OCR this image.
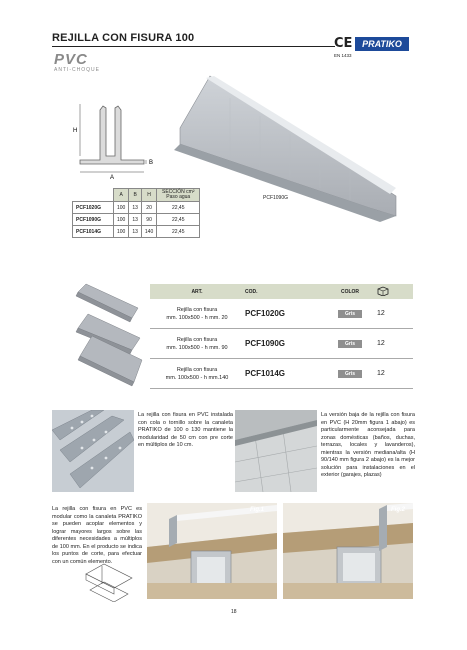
REJILLA CON FISURA 100
PVC
ANTI-CHOQUE
CE
EN 1433
PRATIKO
H
B
A
PCF1090G
	A	B	H	SECCIÓN cm² Paso agua
PCF1020G	100	13	20	22,45
PCF1090G	100	13	90	22,45
PCF1014G	100	13	140	22,45
ART.	COD.	COLOR	
Rejilla con fisura
mm. 100x500 - h mm. 20	PCF1020G	Gris	12
Rejilla con fisura
mm. 100x500 - h mm. 90	PCF1090G	Gris	12
Rejilla con fisura
mm. 100x500 - h mm.140	PCF1014G	Gris	12
La rejilla con fisura en PVC instalada con cola o tornillo sobre la canaleta PRATIKO de 100 o 130 mantiene la modularidad de 50 cm con pre corte en múltiplos de 10 cm.
La versión baja de la rejilla con fisura en PVC (H 20mm figura 1 abajo) es particularmente aconsejada para zonas domésticas (baños, duchas, terrazas, locales y lavanderos), mientras la versión mediana/alta (H 90/140 mm figura 2 abajo) es la mejor solución para instalaciones en el exterior (garajes, plazas)
La rejilla con fisura en PVC es modular como la canaleta PRATIKO se pueden acoplar elementos y lograr mayores largos sobre las diferentes necesidades a múltiplos de 100 mm. En el producto se indica los puntos de corte, para efectuar con un común elemento.
Fig.1	Fig.2
18
